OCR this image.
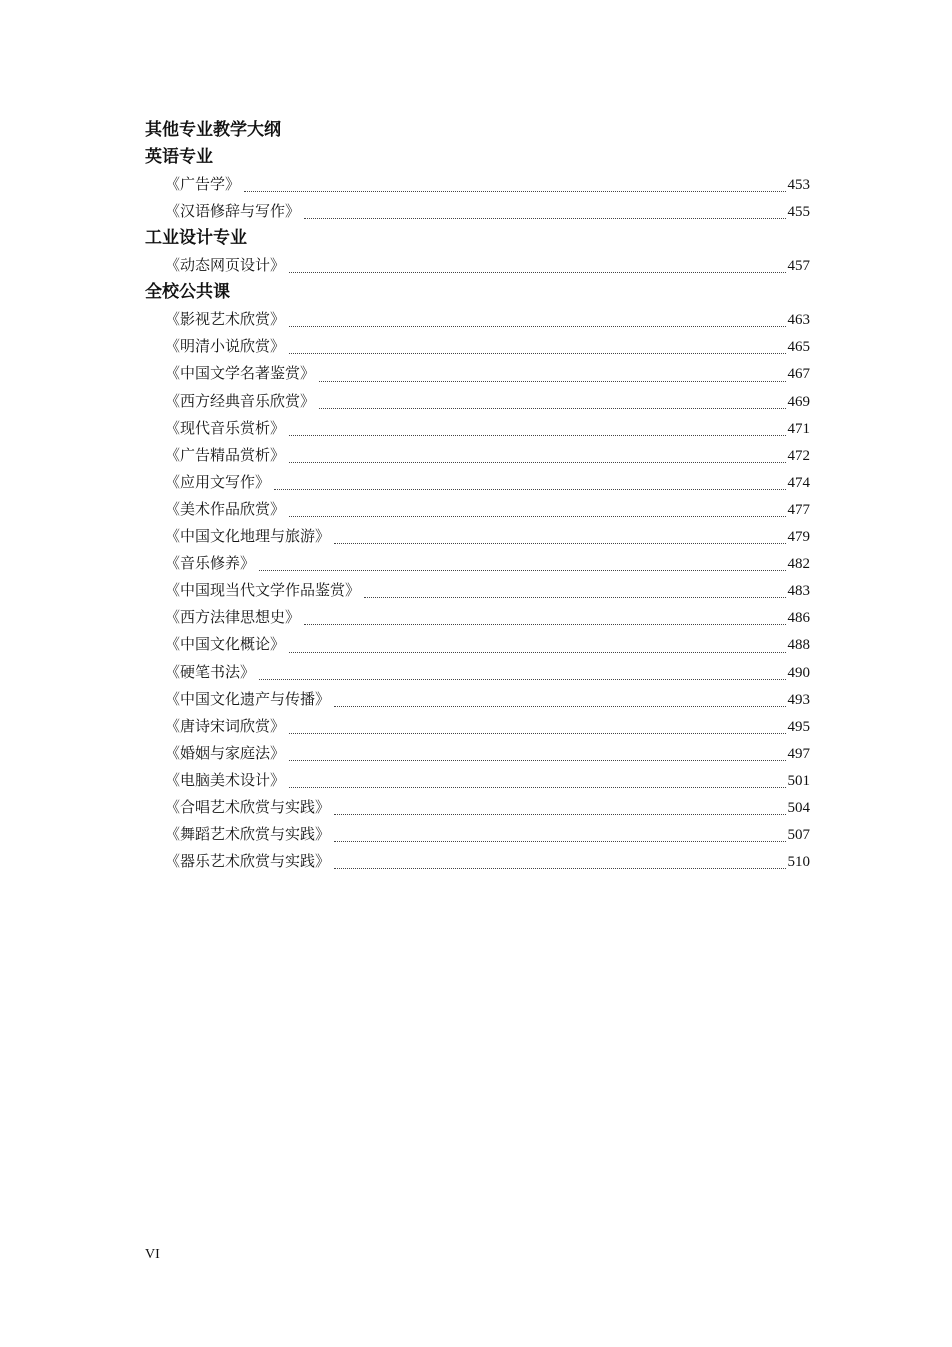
其他专业教学大纲
英语专业
《广告学》	453
《汉语修辞与写作》	455
工业设计专业
《动态网页设计》	457
全校公共课
《影视艺术欣赏》	463
《明清小说欣赏》	465
《中国文学名著鉴赏》	467
《西方经典音乐欣赏》	469
《现代音乐赏析》	471
《广告精品赏析》	472
《应用文写作》	474
《美术作品欣赏》	477
《中国文化地理与旅游》	479
《音乐修养》	482
《中国现当代文学作品鉴赏》	483
《西方法律思想史》	486
《中国文化概论》	488
《硬笔书法》	490
《中国文化遗产与传播》	493
《唐诗宋词欣赏》	495
《婚姻与家庭法》	497
《电脑美术设计》	501
《合唱艺术欣赏与实践》	504
《舞蹈艺术欣赏与实践》	507
《器乐艺术欣赏与实践》	510
VI
